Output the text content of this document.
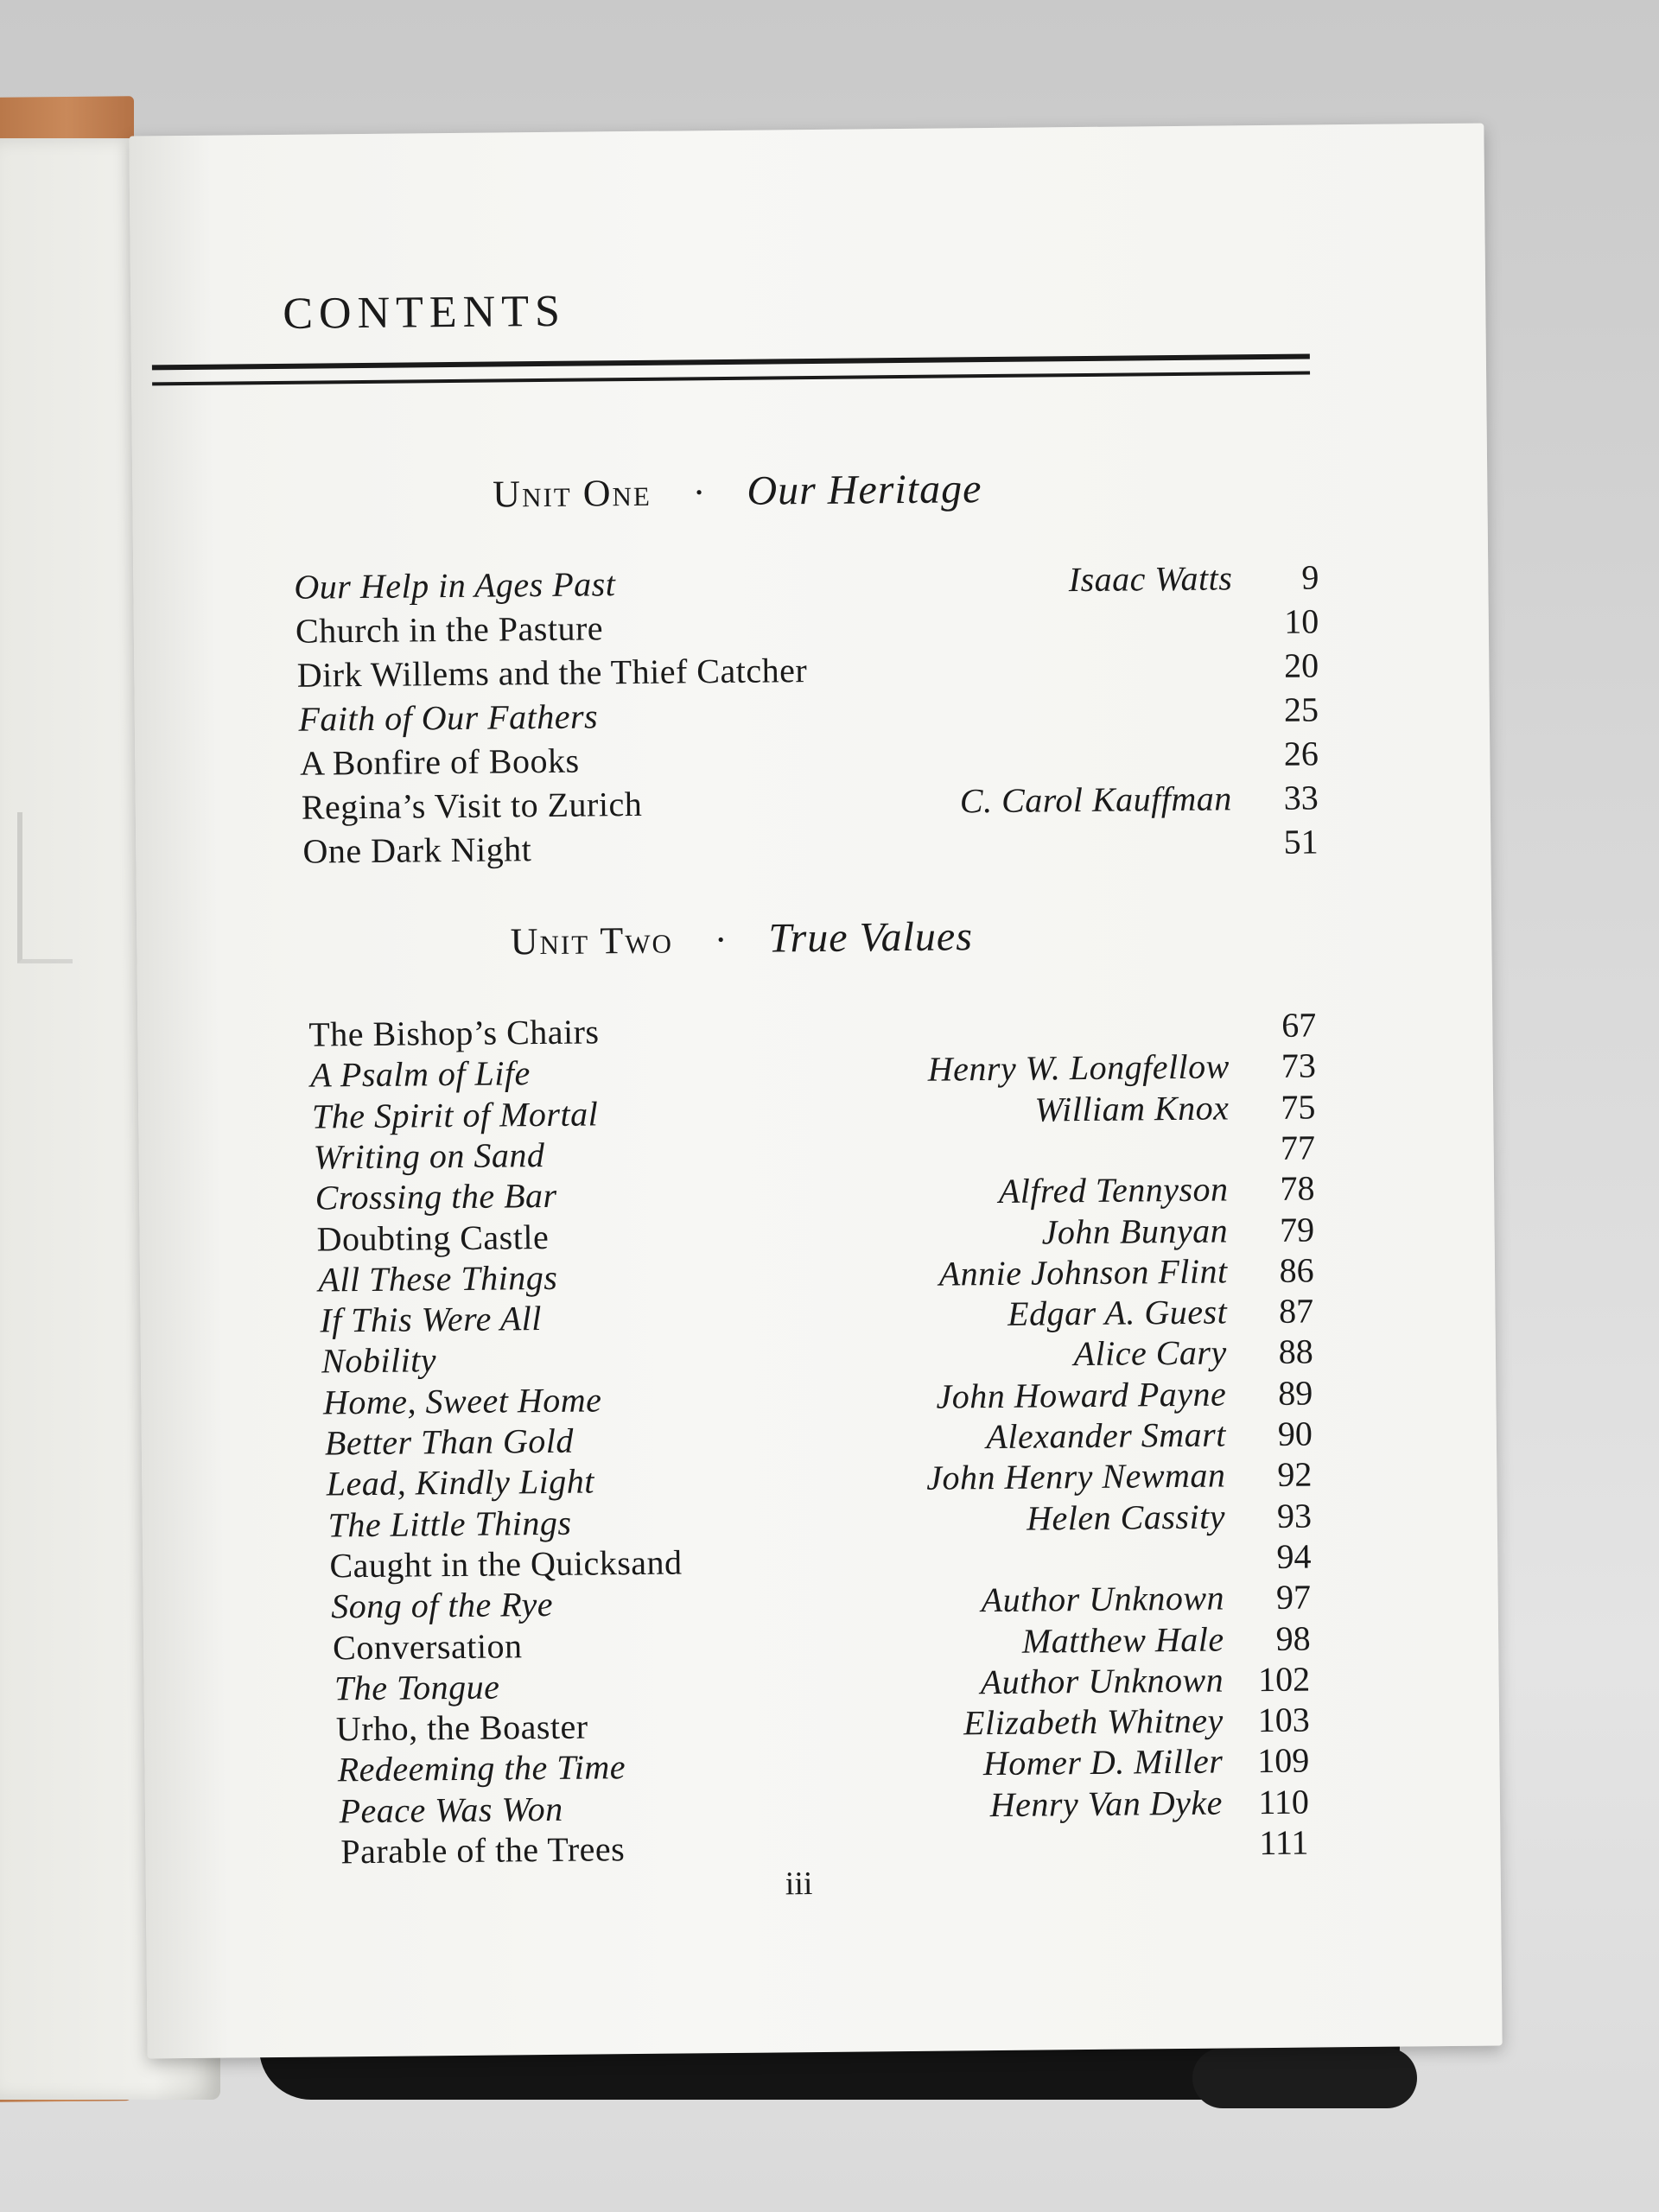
CONTENTS
Unit One · Our Heritage
Our Help in Ages Past	Isaac Watts	9
Church in the Pasture	10
Dirk Willems and the Thief Catcher	20
Faith of Our Fathers	25
A Bonfire of Books	26
Regina’s Visit to Zurich	C. Carol Kauffman	33
One Dark Night	51
Unit Two · True Values
The Bishop’s Chairs	67
A Psalm of Life	Henry W. Longfellow	73
The Spirit of Mortal	William Knox	75
Writing on Sand	77
Crossing the Bar	Alfred Tennyson	78
Doubting Castle	John Bunyan	79
All These Things	Annie Johnson Flint	86
If This Were All	Edgar A. Guest	87
Nobility	Alice Cary	88
Home, Sweet Home	John Howard Payne	89
Better Than Gold	Alexander Smart	90
Lead, Kindly Light	John Henry Newman	92
The Little Things	Helen Cassity	93
Caught in the Quicksand	94
Song of the Rye	Author Unknown	97
Conversation	Matthew Hale	98
The Tongue	Author Unknown 102
Urho, the Boaster	Elizabeth Whitney 103
Redeeming the Time	Homer D. Miller 109
Peace Was Won	Henry Van Dyke	110
Parable of the Trees	111
iii
